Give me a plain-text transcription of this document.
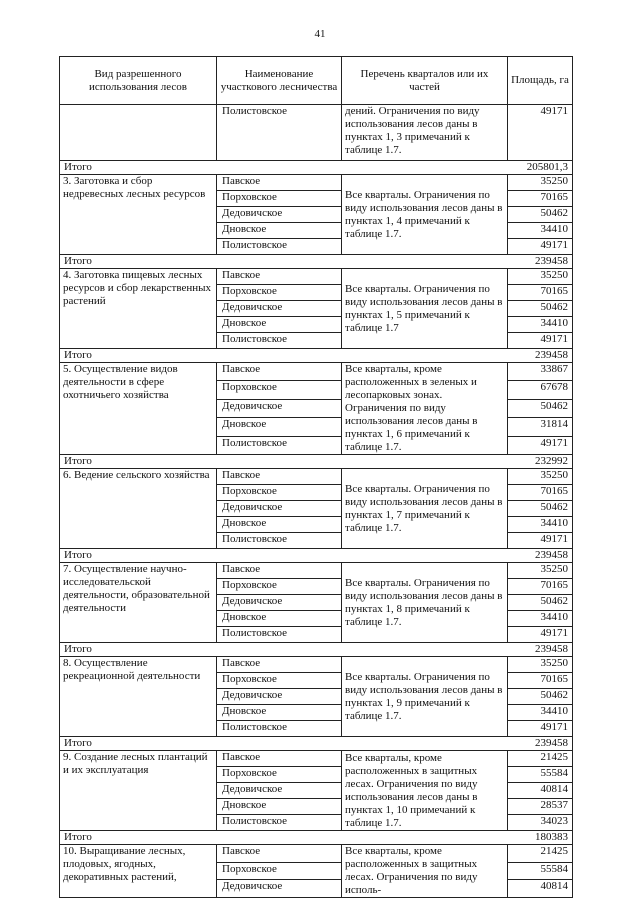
41
Вид разрешенного использования лесов	Наименование участкового лесничества	Перечень кварталов или их частей	Площадь, га
	Полистовское	дений. Ограничения по виду использования лесов даны в пунктах 1, 3 примечаний к таблице 1.7.	49171
Итого			205801,3
3. Заготовка и сбор недревесных лесных ресурсов	Павское	Все кварталы. Ограничения по виду использования лесов даны в пунктах 1, 4 примечаний к таблице 1.7.	35250
	Порховское		70165
	Дедовичское		50462
	Дновское		34410
	Полистовское		49171
Итого			239458
4. Заготовка пищевых лесных ресурсов и сбор лекарственных растений	Павское	Все кварталы. Ограничения по виду использования лесов даны в пунктах 1, 5 примечаний к таблице 1.7	35250
	Порховское		70165
	Дедовичское		50462
	Дновское		34410
	Полистовское		49171
Итого			239458
5. Осуществление видов деятельности в сфере охотничьего хозяйства	Павское	Все кварталы, кроме расположенных в зеленых и лесопарковых зонах. Ограничения по виду использования лесов даны в пунктах 1, 6 примечаний к таблице 1.7.	33867
	Порховское		67678
	Дедовичское		50462
	Дновское		31814
	Полистовское		49171
Итого			232992
6. Ведение сельского хозяйства	Павское	Все кварталы. Ограничения по виду использования лесов даны в пунктах 1, 7 примечаний к таблице 1.7.	35250
	Порховское		70165
	Дедовичское		50462
	Дновское		34410
	Полистовское		49171
Итого			239458
7. Осуществление научно-исследовательской деятельности, образовательной деятельности	Павское	Все кварталы. Ограничения по виду использования лесов даны в пунктах 1, 8 примечаний к таблице 1.7.	35250
	Порховское		70165
	Дедовичское		50462
	Дновское		34410
	Полистовское		49171
Итого			239458
8. Осуществление рекреационной деятельности	Павское	Все кварталы. Ограничения по виду использования лесов даны в пунктах 1, 9 примечаний к таблице 1.7.	35250
	Порховское		70165
	Дедовичское		50462
	Дновское		34410
	Полистовское		49171
Итого			239458
9. Создание лесных плантаций и их эксплуатация	Павское	Все кварталы, кроме расположенных в защитных лесах. Ограничения по виду использования лесов даны в пунктах 1, 10 примечаний к таблице 1.7.	21425
	Порховское		55584
	Дедовичское		40814
	Дновское		28537
	Полистовское		34023
Итого			180383
10. Выращивание лесных, плодовых, ягодных, декоративных растений,	Павское	Все кварталы, кроме расположенных в защитных лесах. Ограничения по виду исполь-	21425
	Порховское		55584
	Дедовичское		40814
